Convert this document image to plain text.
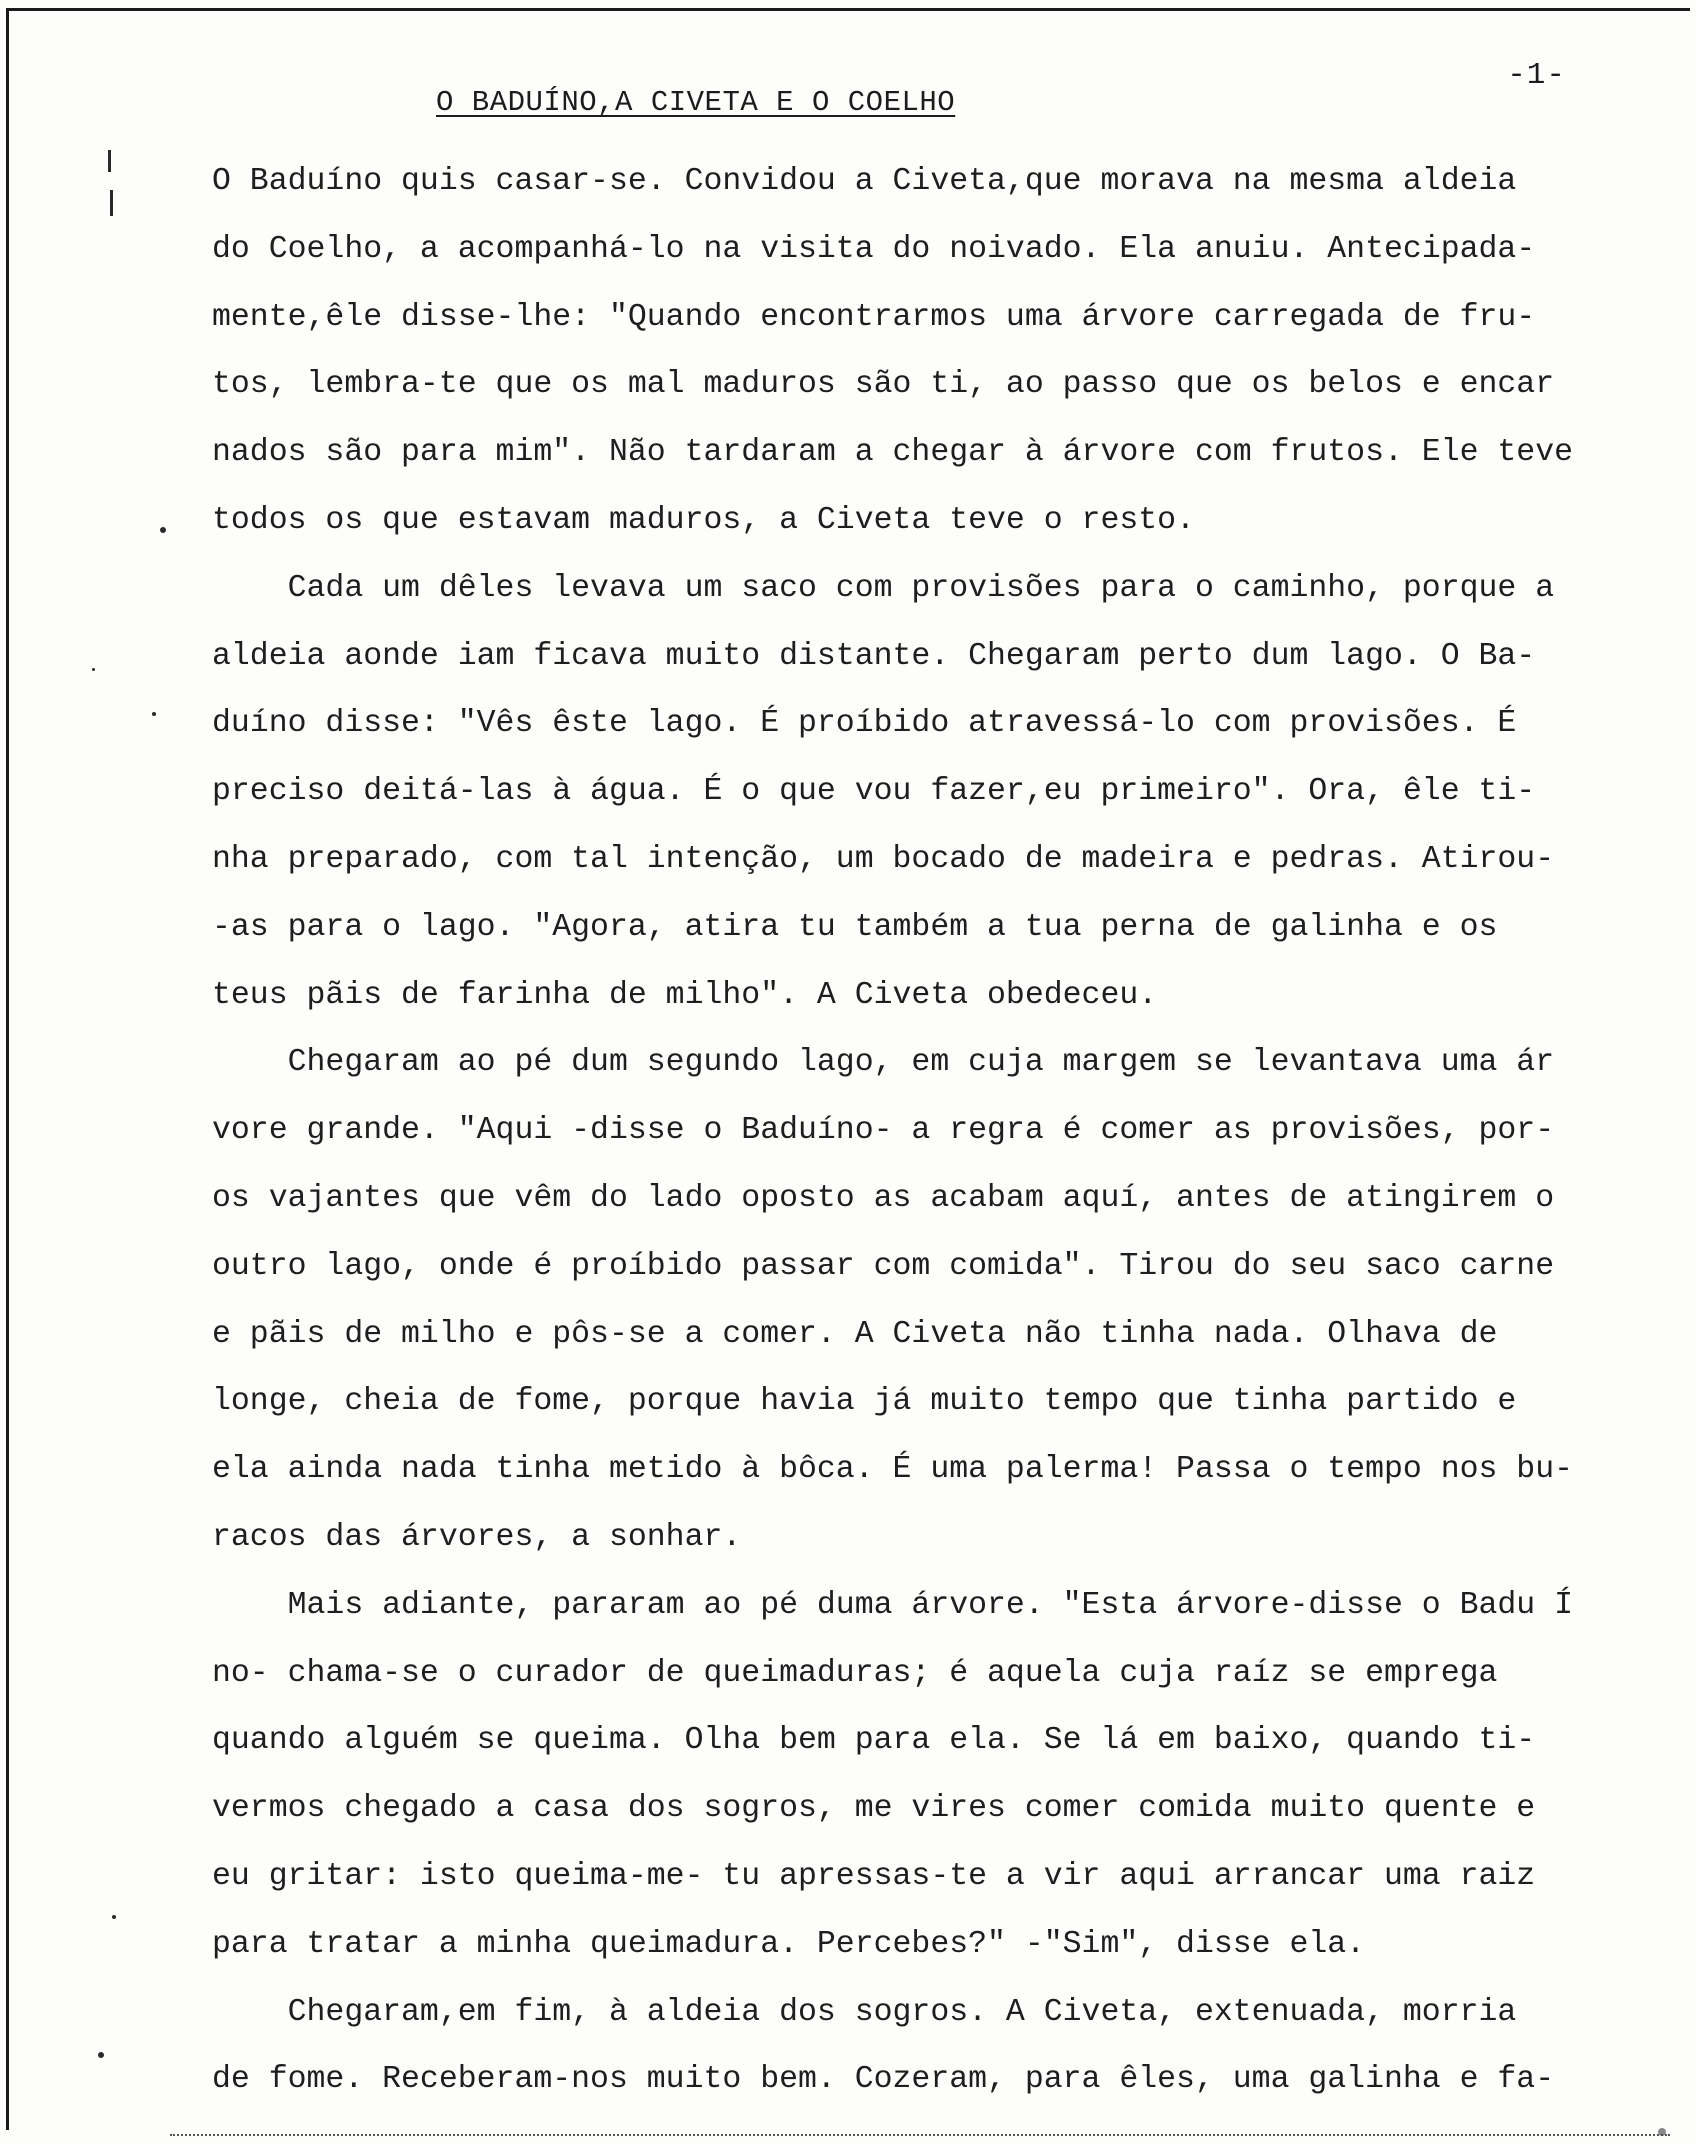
-1-
O BADUÍNO,A CIVETA E O COELHO
O Baduíno quis casar-se. Convidou a Civeta,que morava na mesma aldeia
do Coelho, a acompanhá-lo na visita do noivado. Ela anuiu. Antecipada-
mente,êle disse-lhe: "Quando encontrarmos uma árvore carregada de fru-
tos, lembra-te que os mal maduros são ti, ao passo que os belos e encar
nados são para mim". Não tardaram a chegar à árvore com frutos. Ele teve
todos os que estavam maduros, a Civeta teve o resto.
Cada um dêles levava um saco com provisões para o caminho, porque a
aldeia aonde iam ficava muito distante. Chegaram perto dum lago. O Ba-
duíno disse: "Vês êste lago. É proíbido atravessá-lo com provisões. É
preciso deitá-las à água. É o que vou fazer,eu primeiro". Ora, êle ti-
nha preparado, com tal intenção, um bocado de madeira e pedras. Atirou-
-as para o lago. "Agora, atira tu também a tua perna de galinha e os
teus pãis de farinha de milho". A Civeta obedeceu.
Chegaram ao pé dum segundo lago, em cuja margem se levantava uma ár
vore grande. "Aqui -disse o Baduíno- a regra é comer as provisões, por-
os vajantes que vêm do lado oposto as acabam aquí, antes de atingirem o
outro lago, onde é proíbido passar com comida". Tirou do seu saco carne
e pãis de milho e pôs-se a comer. A Civeta não tinha nada. Olhava de
longe, cheia de fome, porque havia já muito tempo que tinha partido e
ela ainda nada tinha metido à bôca. É uma palerma! Passa o tempo nos bu-
racos das árvores, a sonhar.
Mais adiante, pararam ao pé duma árvore. "Esta árvore-disse o Badu Í
no- chama-se o curador de queimaduras; é aquela cuja raíz se emprega
quando alguém se queima. Olha bem para ela. Se lá em baixo, quando ti-
vermos chegado a casa dos sogros, me vires comer comida muito quente e
eu gritar: isto queima-me- tu apressas-te a vir aqui arrancar uma raiz
para tratar a minha queimadura. Percebes?" -"Sim", disse ela.
Chegaram,em fim, à aldeia dos sogros. A Civeta, extenuada, morria
de fome. Receberam-nos muito bem. Cozeram, para êles, uma galinha e fa-
